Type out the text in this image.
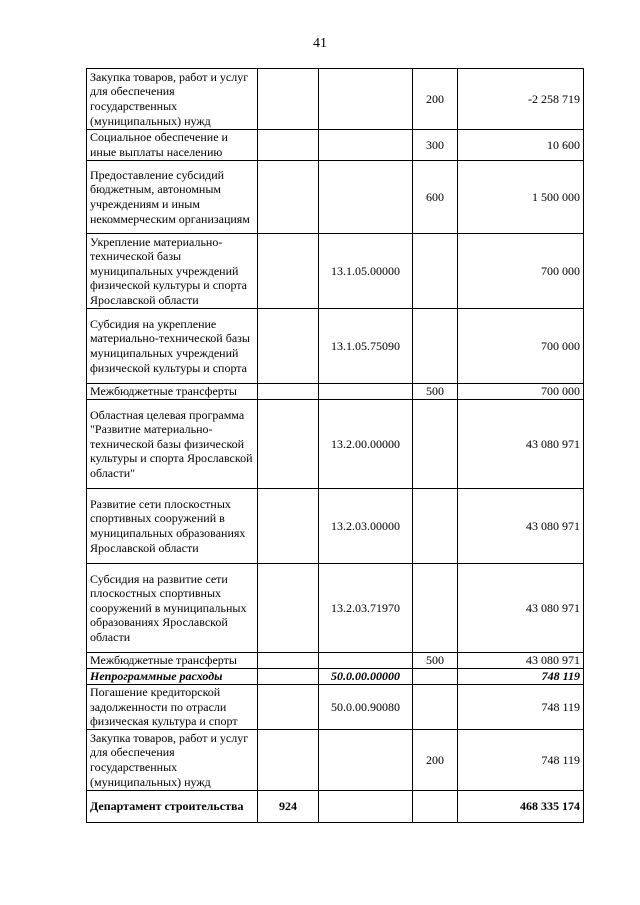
41
Закупка товаров, работ и услуг для обеспечения государственных (муниципальных) нужд			200	-2 258 719
Социальное обеспечение и иные выплаты населению			300	10 600
Предоставление субсидий бюджетным, автономным учреждениям и иным некоммерческим организациям			600	1 500 000
Укрепление материально-технической базы муниципальных учреждений физической культуры и спорта Ярославской области		13.1.05.00000		700 000
Субсидия на укрепление материально-технической базы муниципальных учреждений физической культуры и спорта		13.1.05.75090		700 000
Межбюджетные трансферты			500	700 000
Областная целевая программа "Развитие материально-технической базы физической культуры и спорта Ярославской области"		13.2.00.00000		43 080 971
Развитие сети плоскостных спортивных сооружений в муниципальных образованиях Ярославской области		13.2.03.00000		43 080 971
Субсидия на развитие сети плоскостных спортивных сооружений в муниципальных образованиях Ярославской области		13.2.03.71970		43 080 971
Межбюджетные трансферты			500	43 080 971
Непрограммные расходы		50.0.00.00000		748 119
Погашение кредиторской задолженности по отрасли физическая культура и спорт		50.0.00.90080		748 119
Закупка товаров, работ и услуг для обеспечения государственных (муниципальных) нужд			200	748 119
Департамент строительства	924			468 335 174
